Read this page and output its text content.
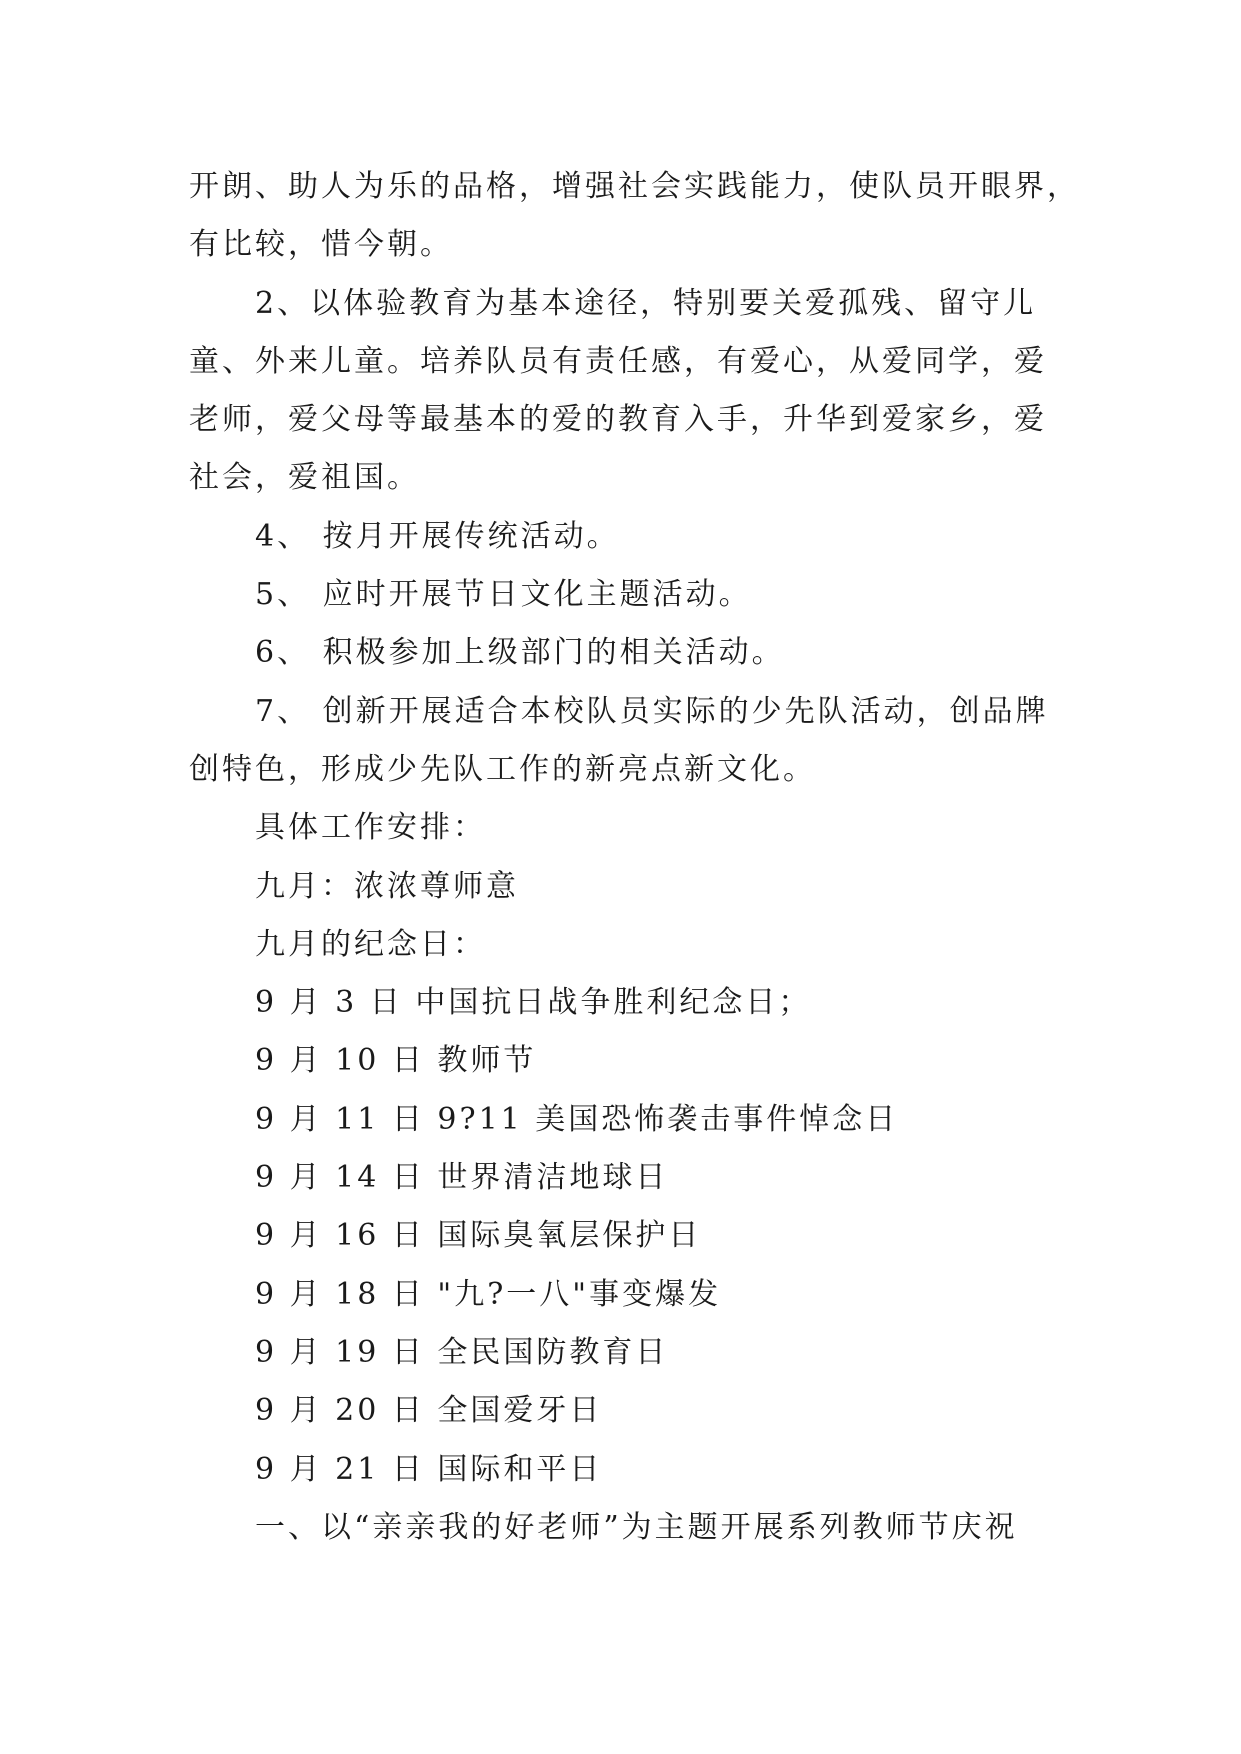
开朗、助人为乐的品格，增强社会实践能力，使队员开眼界，
有比较，惜今朝。
2、以体验教育为基本途径，特别要关爱孤残、留守儿
童、外来儿童。培养队员有责任感，有爱心，从爱同学，爱
老师，爱父母等最基本的爱的教育入手，升华到爱家乡，爱
社会，爱祖国。
4、 按月开展传统活动。
5、 应时开展节日文化主题活动。
6、 积极参加上级部门的相关活动。
7、 创新开展适合本校队员实际的少先队活动，创品牌
创特色，形成少先队工作的新亮点新文化。
具体工作安排：
九月：浓浓尊师意
九月的纪念日：
9 月 3 日 中国抗日战争胜利纪念日；
9 月 10 日 教师节
9 月 11 日 9?11 美国恐怖袭击事件悼念日
9 月 14 日 世界清洁地球日
9 月 16 日 国际臭氧层保护日
9 月 18 日 "九?一八"事变爆发
9 月 19 日 全民国防教育日
9 月 20 日 全国爱牙日
9 月 21 日 国际和平日
一、以“亲亲我的好老师”为主题开展系列教师节庆祝
